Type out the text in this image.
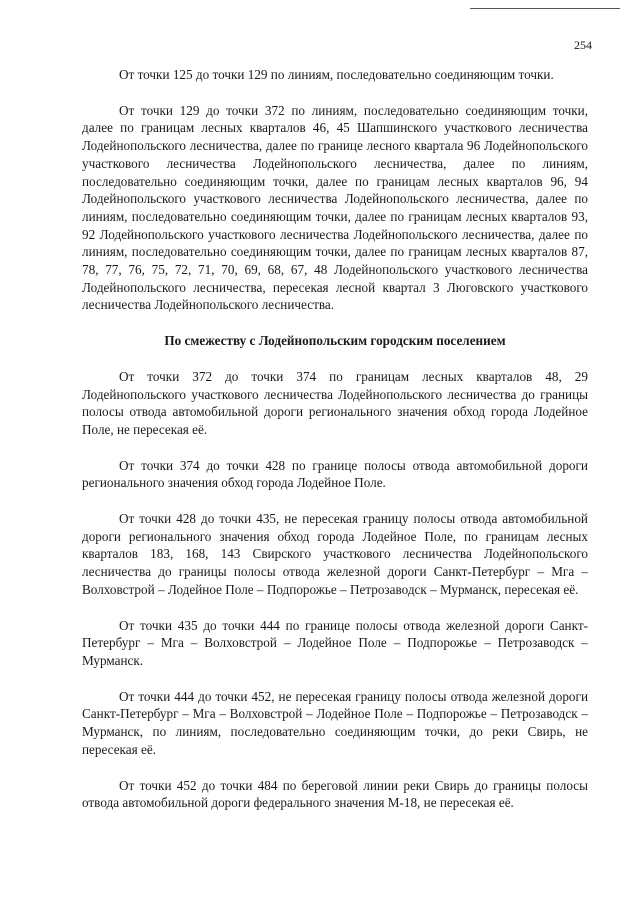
254

От точки 125 до точки 129 по линиям, последовательно соединяющим точки.

От точки 129 до точки 372 по линиям, последовательно соединяющим точки, далее по границам лесных кварталов 46, 45 Шапшинского участкового лесничества Лодейнопольского лесничества, далее по границе лесного квартала 96 Лодейнопольского участкового лесничества Лодейнопольского лесничества, далее по линиям, последовательно соединяющим точки, далее по границам лесных кварталов 96, 94 Лодейнопольского участкового лесничества Лодейнопольского лесничества, далее по линиям, последовательно соединяющим точки, далее по границам лесных кварталов 93, 92 Лодейнопольского участкового лесничества Лодейнопольского лесничества, далее по линиям, последовательно соединяющим точки, далее по границам лесных кварталов 87, 78, 77, 76, 75, 72, 71, 70, 69, 68, 67, 48 Лодейнопольского участкового лесничества Лодейнопольского лесничества, пересекая лесной квартал 3 Люговского участкового лесничества Лодейнопольского лесничества.

По смежеству с Лодейнопольским городским поселением

От точки 372 до точки 374 по границам лесных кварталов 48, 29 Лодейнопольского участкового лесничества Лодейнопольского лесничества до границы полосы отвода автомобильной дороги регионального значения обход города Лодейное Поле, не пересекая её.

От точки 374 до точки 428 по границе полосы отвода автомобильной дороги регионального значения обход города Лодейное Поле.

От точки 428 до точки 435, не пересекая границу полосы отвода автомобильной дороги регионального значения обход города Лодейное Поле, по границам лесных кварталов 183, 168, 143 Свирского участкового лесничества Лодейнопольского лесничества до границы полосы отвода железной дороги Санкт-Петербург – Мга – Волховстрой – Лодейное Поле – Подпорожье – Петрозаводск – Мурманск, пересекая её.

От точки 435 до точки 444 по границе полосы отвода железной дороги Санкт-Петербург – Мга – Волховстрой – Лодейное Поле – Подпорожье – Петрозаводск – Мурманск.

От точки 444 до точки 452, не пересекая границу полосы отвода железной дороги Санкт-Петербург – Мга – Волховстрой – Лодейное Поле – Подпорожье – Петрозаводск – Мурманск, по линиям, последовательно соединяющим точки, до реки Свирь, не пересекая её.

От точки 452 до точки 484 по береговой линии реки Свирь до границы полосы отвода автомобильной дороги федерального значения М-18, не пересекая её.
